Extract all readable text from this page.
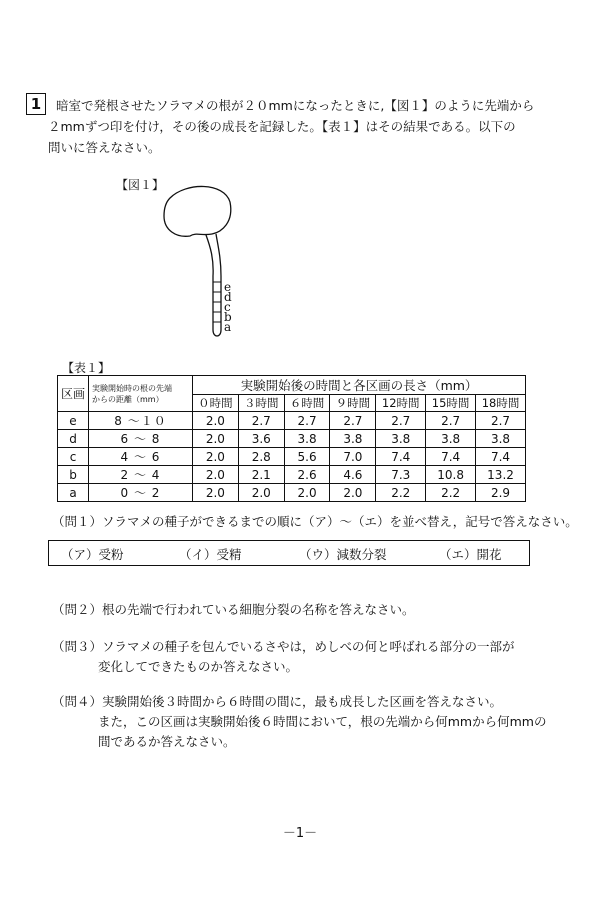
1	暗室で発根させたソラマメの根が２０mmになったときに,【図１】のように先端から
２mmずつ印を付け，その後の成長を記録した。【表１】はその結果である。以下の
問いに答えなさい。
【図１】
e
d
c
b
a
【表１】
区画	実験開始時の根の先端
からの距離（mm）	実験開始後の時間と各区画の長さ（mm）						
		０時間	３時間	６時間	９時間	12時間	15時間	18時間
e	8 〜１０	2.0	2.7	2.7	2.7	2.7	2.7	2.7
d	6 〜 8	2.0	3.6	3.8	3.8	3.8	3.8	3.8
c	4 〜 6	2.0	2.8	5.6	7.0	7.4	7.4	7.4
b	2 〜 4	2.0	2.1	2.6	4.6	7.3	10.8	13.2
a	0 〜 2	2.0	2.0	2.0	2.0	2.2	2.2	2.9
（問１）ソラマメの種子ができるまでの順に（ア）〜（エ）を並べ替え，記号で答えなさい。
（ア）受粉	（イ）受精	（ウ）減数分裂	（エ）開花
（問２）根の先端で行われている細胞分裂の名称を答えなさい。
（問３）ソラマメの種子を包んでいるさやは，めしべの何と呼ばれる部分の一部が
変化してできたものか答えなさい。
（問４）実験開始後３時間から６時間の間に，最も成長した区画を答えなさい。
また，この区画は実験開始後６時間において，根の先端から何mmから何mmの
間であるか答えなさい。
－1－
